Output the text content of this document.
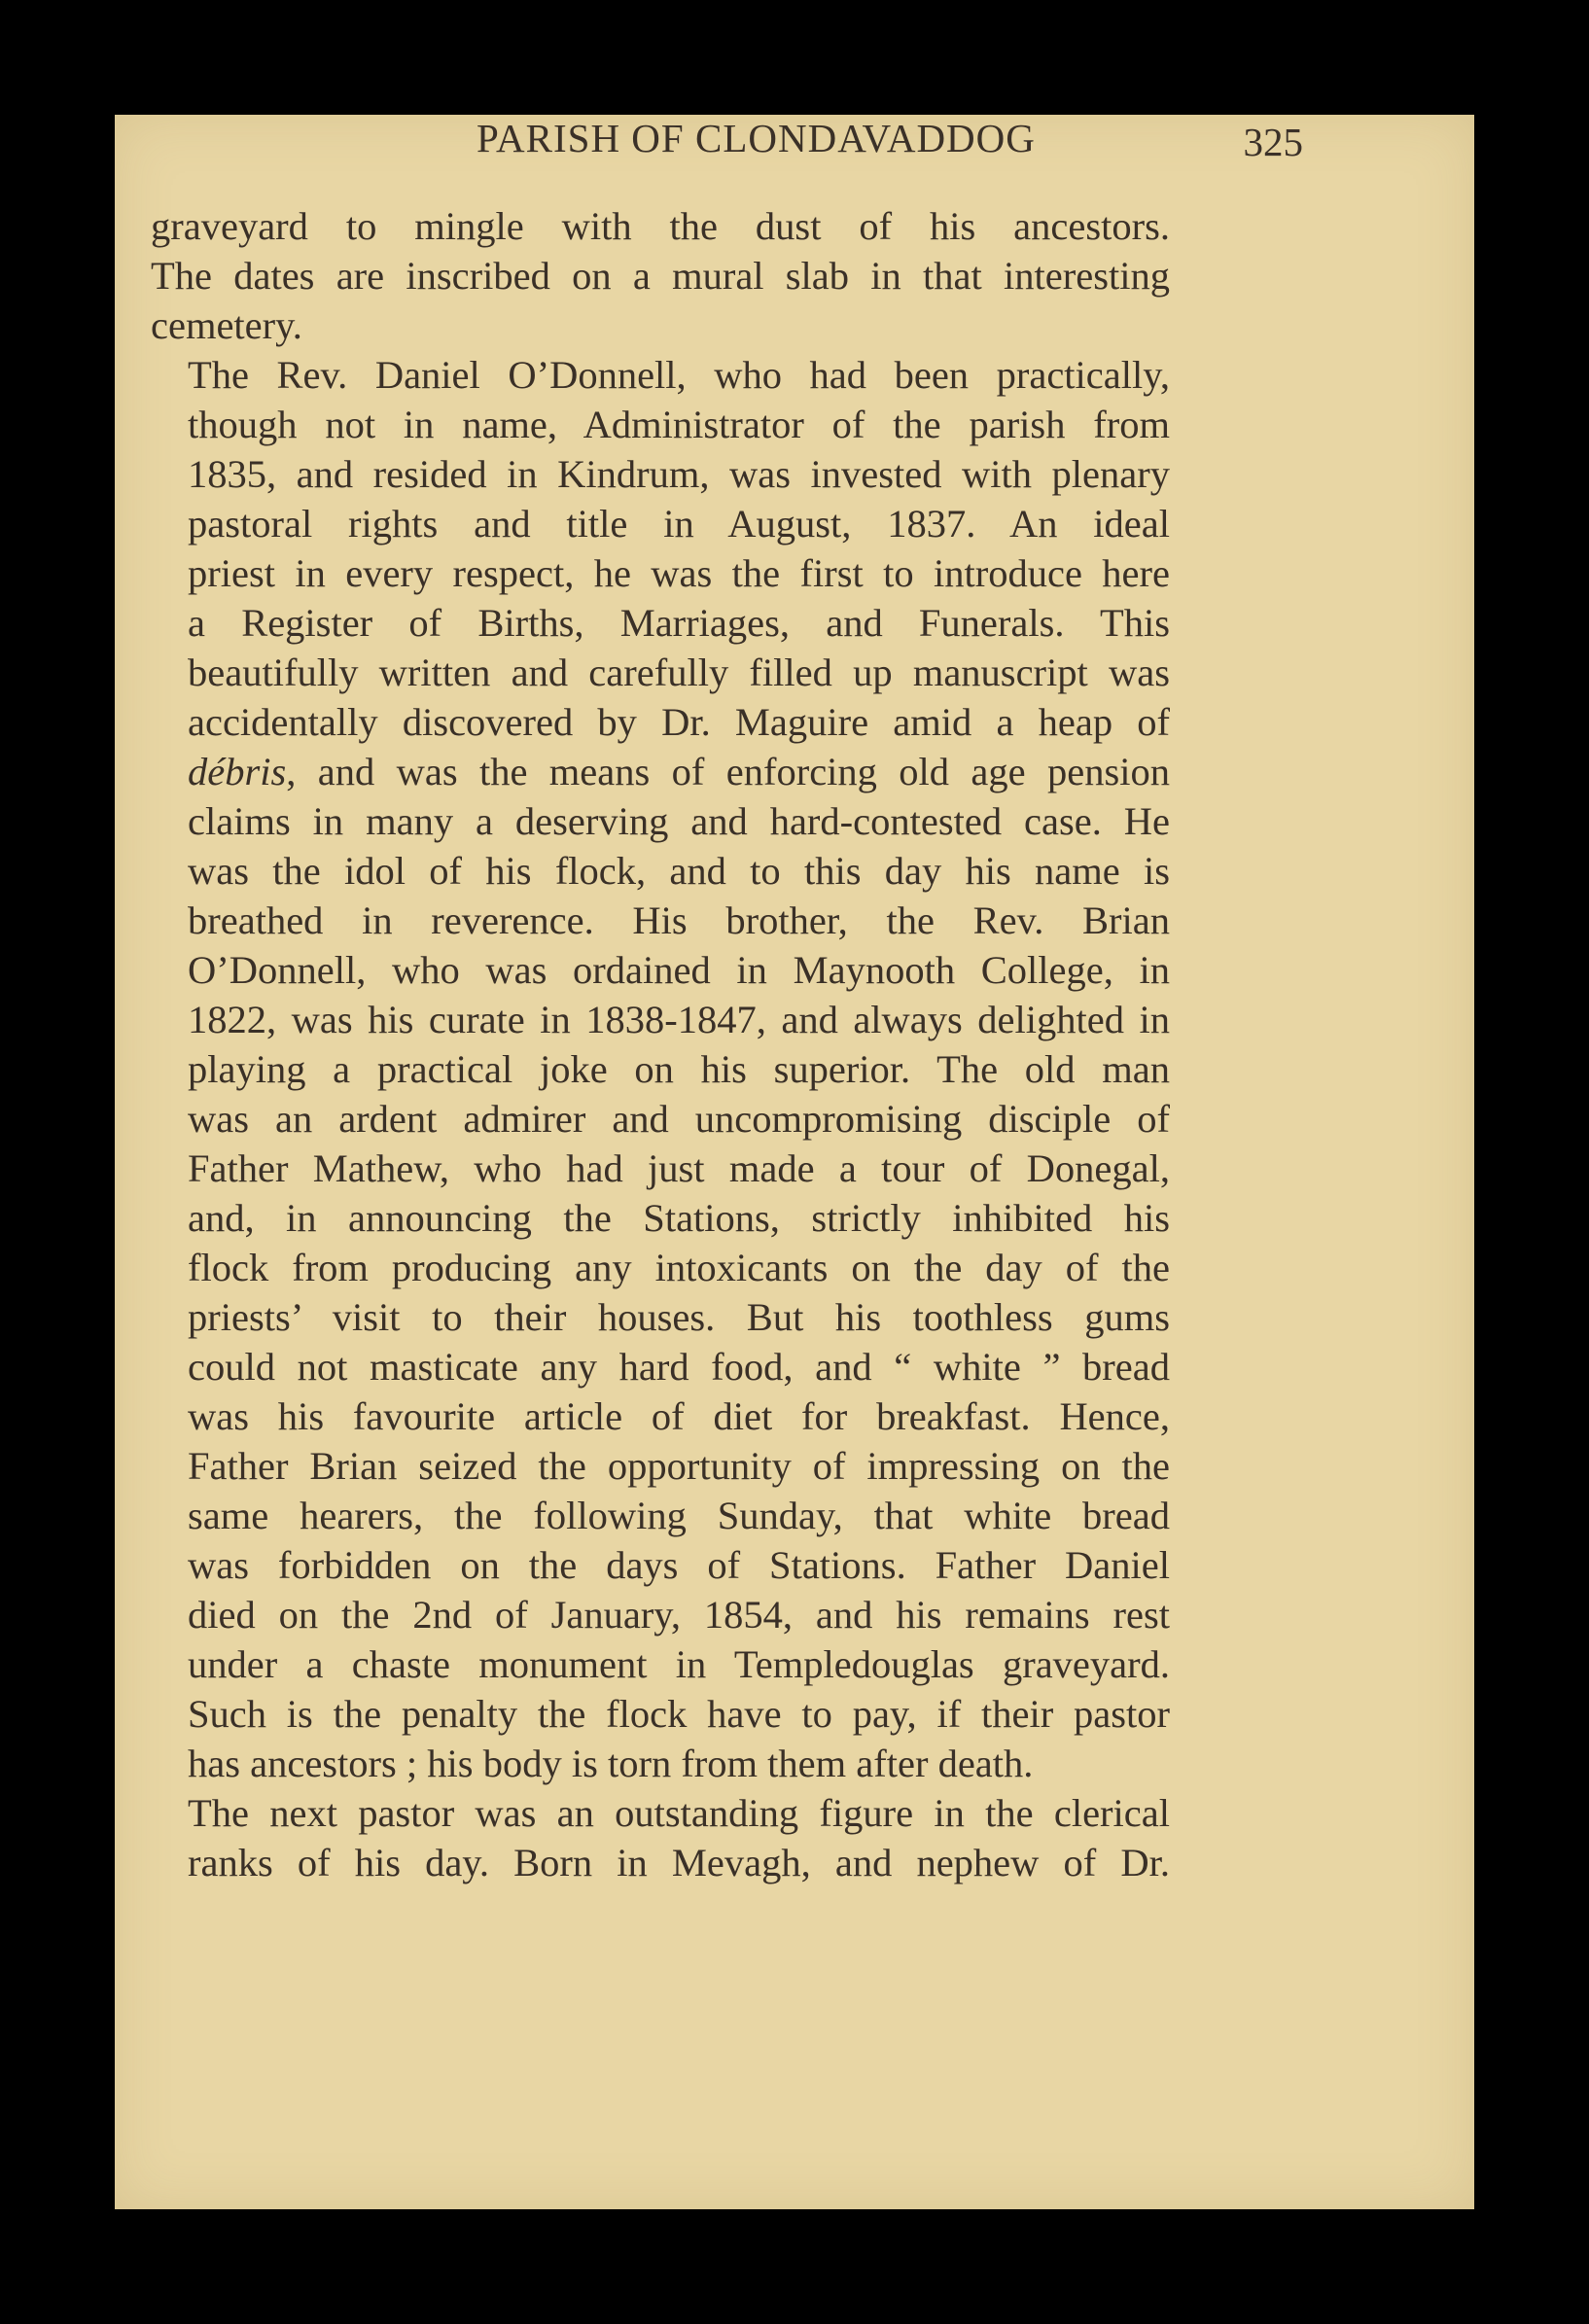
PARISH OF CLONDAVADDOG	325

graveyard to mingle with the dust of his ancestors.
The dates are inscribed on a mural slab in that interesting
cemetery.

The Rev. Daniel O’Donnell, who had been practically,
though not in name, Administrator of the parish from
1835, and resided in Kindrum, was invested with plenary
pastoral rights and title in August, 1837. An ideal
priest in every respect, he was the first to introduce here
a Register of Births, Marriages, and Funerals. This
beautifully written and carefully filled up manuscript was
accidentally discovered by Dr. Maguire amid a heap of
débris, and was the means of enforcing old age pension
claims in many a deserving and hard-contested case. He
was the idol of his flock, and to this day his name is
breathed in reverence. His brother, the Rev. Brian
O’Donnell, who was ordained in Maynooth College, in
1822, was his curate in 1838-1847, and always delighted in
playing a practical joke on his superior. The old man
was an ardent admirer and uncompromising disciple of
Father Mathew, who had just made a tour of Donegal,
and, in announcing the Stations, strictly inhibited his
flock from producing any intoxicants on the day of the
priests’ visit to their houses. But his toothless gums
could not masticate any hard food, and “ white ” bread
was his favourite article of diet for breakfast. Hence,
Father Brian seized the opportunity of impressing on the
same hearers, the following Sunday, that white bread
was forbidden on the days of Stations. Father Daniel
died on the 2nd of January, 1854, and his remains rest
under a chaste monument in Templedouglas graveyard.
Such is the penalty the flock have to pay, if their pastor
has ancestors ; his body is torn from them after death.

The next pastor was an outstanding figure in the clerical
ranks of his day. Born in Mevagh, and nephew of Dr.
